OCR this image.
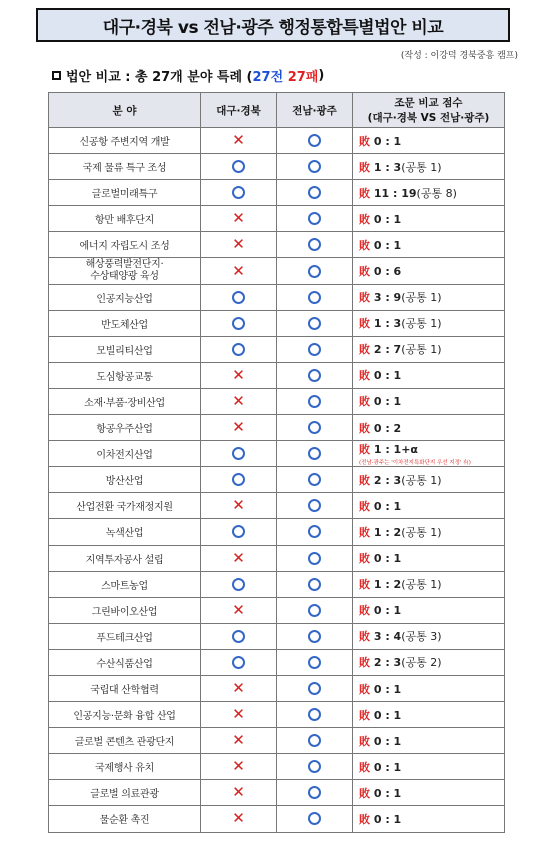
대구·경북 vs 전남·광주 행정통합특별법안 비교
(작성 : 이강덕 경북중흥 캠프)
법안 비교 : 총 27개 분야 특례 ( 27전
27패 )
분 야	대구·경북	전남·광주	조문 비교 점수
(대구·경북 VS 전남·광주)
신공항 주변지역 개발	✕		敗 0 : 1
국제 물류 특구 조성			敗 1 : 3(공통 1)
글로벌미래특구			敗 11 : 19(공통 8)
항만 배후단지	✕		敗 0 : 1
에너지 자립도시 조성	✕		敗 0 : 1
해상풍력발전단지·
수상태양광 육성	✕		敗 0 : 6
인공지능산업			敗 3 : 9(공통 1)
반도체산업			敗 1 : 3(공통 1)
모빌리티산업			敗 2 : 7(공통 1)
도심항공교통	✕		敗 0 : 1
소재·부품·장비산업	✕		敗 0 : 1
항공우주산업	✕		敗 0 : 2
이차전지산업			敗 1 : 1+α
(전남·광주는 '이차전지특화단지 우선 지정' 有)

방산산업			敗 2 : 3(공통 1)
산업전환 국가재정지원	✕		敗 0 : 1
녹색산업			敗 1 : 2(공통 1)
지역투자공사 설립	✕		敗 0 : 1
스마트농업			敗 1 : 2(공통 1)
그린바이오산업	✕		敗 0 : 1
푸드테크산업			敗 3 : 4(공통 3)
수산식품산업			敗 2 : 3(공통 2)
국립대 산학협력	✕		敗 0 : 1
인공지능·문화 융합 산업	✕		敗 0 : 1
글로벌 콘텐츠 관광단지	✕		敗 0 : 1
국제행사 유치	✕		敗 0 : 1
글로벌 의료관광	✕		敗 0 : 1
물순환 촉진	✕		敗 0 : 1
